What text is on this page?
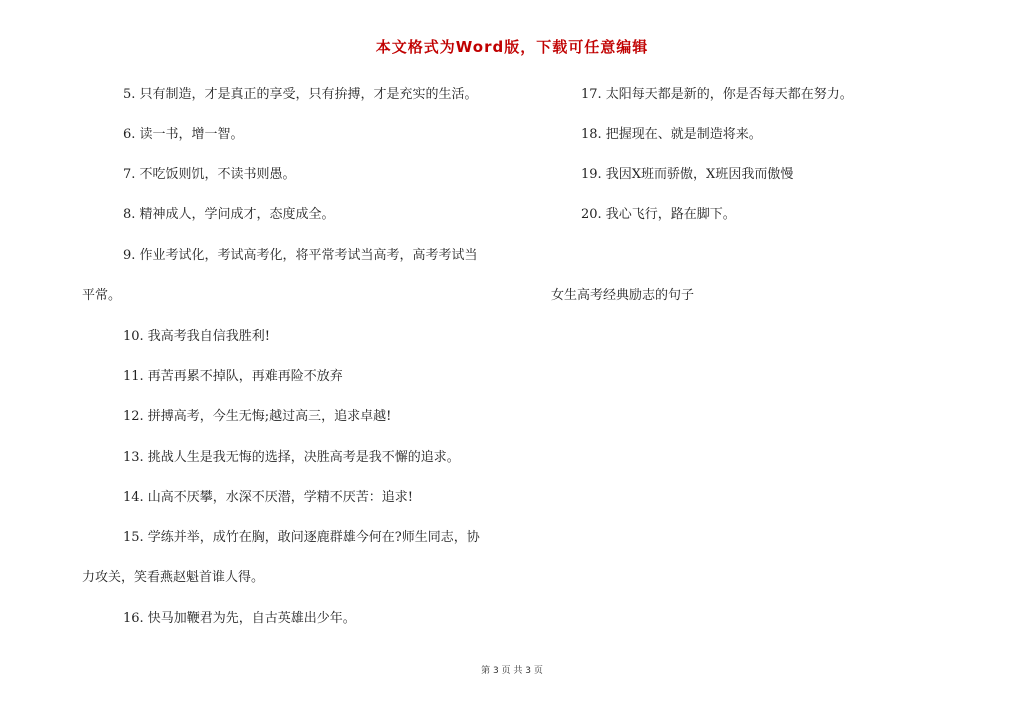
本文格式为Word版，下载可任意编辑
5. 只有制造，才是真正的享受，只有拚搏，才是充实的生活。
6. 读一书，增一智。
7. 不吃饭则饥，不读书则愚。
8. 精神成人，学问成才，态度成全。
9. 作业考试化，考试高考化，将平常考试当高考，高考考试当
平常。
10. 我高考我自信我胜利!
11. 再苦再累不掉队，再难再险不放弃
12. 拼搏高考，今生无悔;越过高三，追求卓越!
13. 挑战人生是我无悔的选择，决胜高考是我不懈的追求。
14. 山高不厌攀，水深不厌潜，学精不厌苦：追求!
15. 学练并举，成竹在胸，敢问逐鹿群雄今何在?师生同志，协
力攻关，笑看燕赵魁首谁人得。
16. 快马加鞭君为先，自古英雄出少年。
17. 太阳每天都是新的，你是否每天都在努力。
18. 把握现在、就是制造将来。
19. 我因X班而骄傲，X班因我而傲慢
20. 我心飞行，路在脚下。
女生高考经典励志的句子
第 3 页 共 3 页
